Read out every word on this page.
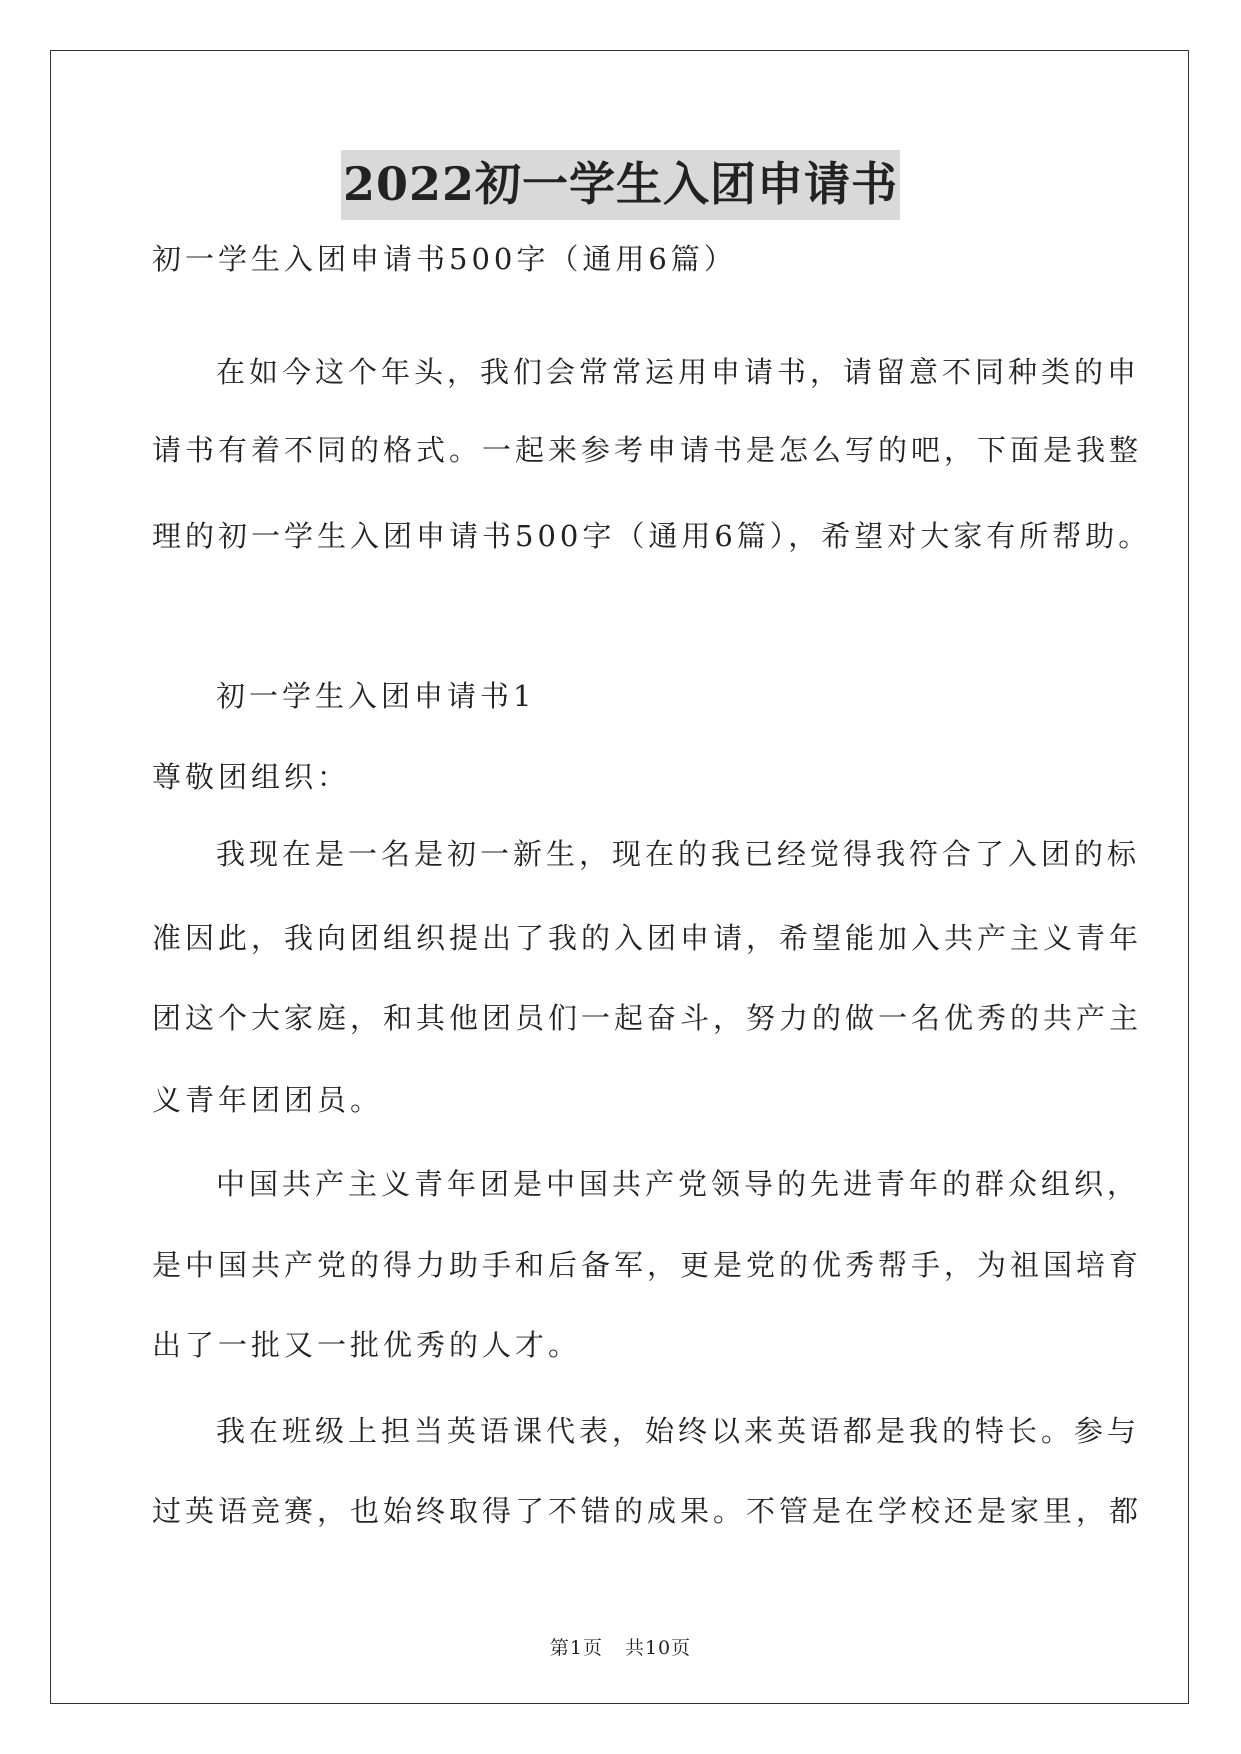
2022初一学生入团申请书
初一学生入团申请书500字（通用6篇）
在如今这个年头，我们会常常运用申请书，请留意不同种类的申
请书有着不同的格式。一起来参考申请书是怎么写的吧，下面是我整
理的初一学生入团申请书500字（通用6篇），希望对大家有所帮助。
初一学生入团申请书1
尊敬团组织：
我现在是一名是初一新生，现在的我已经觉得我符合了入团的标
准因此，我向团组织提出了我的入团申请，希望能加入共产主义青年
团这个大家庭，和其他团员们一起奋斗，努力的做一名优秀的共产主
义青年团团员。
中国共产主义青年团是中国共产党领导的先进青年的群众组织，
是中国共产党的得力助手和后备军，更是党的优秀帮手，为祖国培育
出了一批又一批优秀的人才。
我在班级上担当英语课代表，始终以来英语都是我的特长。参与
过英语竞赛，也始终取得了不错的成果。不管是在学校还是家里，都
第1页 共10页
